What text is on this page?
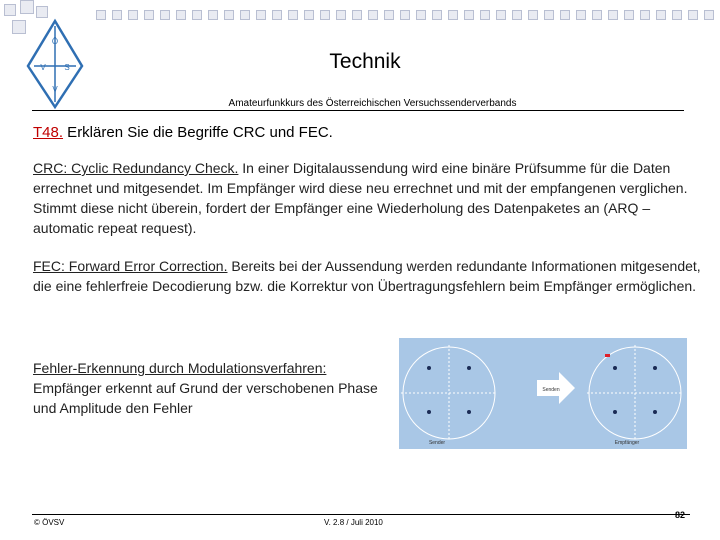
Ö
V S
V
Technik
Amateurfunkkurs des Österreichischen Versuchssenderverbands
T48. Erklären Sie die Begriffe CRC und FEC.
CRC: Cyclic Redundancy Check. In einer Digitalaussendung wird eine binäre Prüfsumme für die Daten errechnet und mitgesendet. Im Empfänger wird diese neu errechnet und mit der empfangenen verglichen. Stimmt diese nicht überein, fordert der Empfänger eine Wiederholung des Datenpaketes an (ARQ – automatic repeat request).
FEC: Forward Error Correction. Bereits bei der Aussendung werden redundante Informationen mitgesendet, die eine fehlerfreie Decodierung bzw. die Korrektur von Übertragungsfehlern beim Empfänger ermöglichen.
Fehler-Erkennung durch Modulationsverfahren: Empfänger erkennt auf Grund der verschobenen Phase und Amplitude den Fehler
Senden
Sender	Empfänger
© ÖVSV	V. 2.8 / Juli 2010
82
